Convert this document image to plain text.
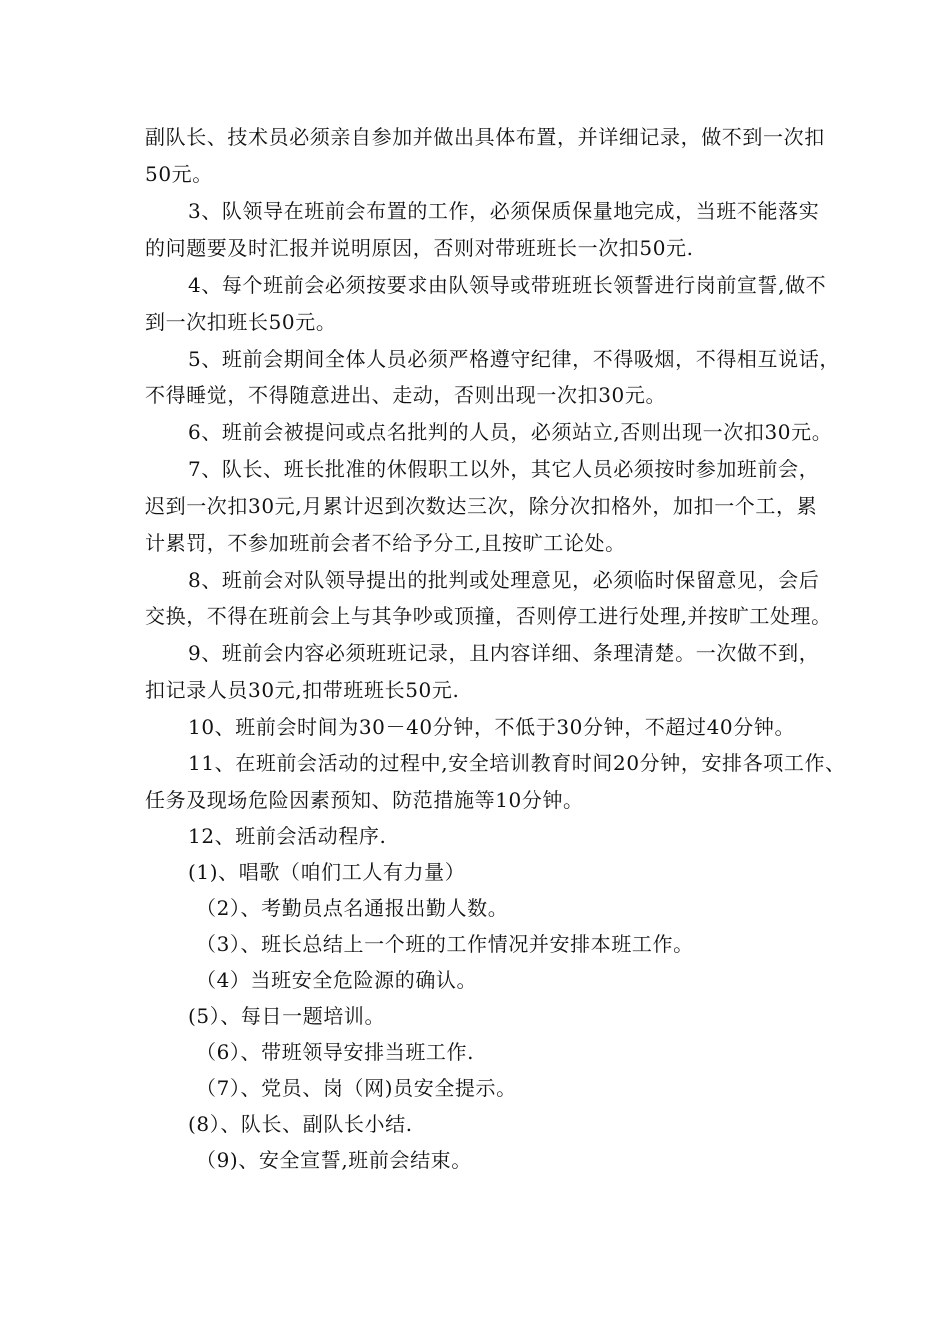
副队长、技术员必须亲自参加并做出具体布置，并详细记录，做不到一次扣
50元。
3、队领导在班前会布置的工作，必须保质保量地完成，当班不能落实
的问题要及时汇报并说明原因，否则对带班班长一次扣50元.
4、每个班前会必须按要求由队领导或带班班长领誓进行岗前宣誓,做不
到一次扣班长50元。
5、班前会期间全体人员必须严格遵守纪律，不得吸烟，不得相互说话，
不得睡觉，不得随意进出、走动，否则出现一次扣30元。
6、班前会被提问或点名批判的人员，必须站立,否则出现一次扣30元。
7、队长、班长批准的休假职工以外，其它人员必须按时参加班前会，
迟到一次扣30元,月累计迟到次数达三次，除分次扣格外，加扣一个工，累
计累罚，不参加班前会者不给予分工,且按旷工论处。
8、班前会对队领导提出的批判或处理意见，必须临时保留意见，会后
交换，不得在班前会上与其争吵或顶撞，否则停工进行处理,并按旷工处理。
9、班前会内容必须班班记录，且内容详细、条理清楚。一次做不到，
扣记录人员30元,扣带班班长50元.
10、班前会时间为30－40分钟，不低于30分钟，不超过40分钟。
11、在班前会活动的过程中,安全培训教育时间20分钟，安排各项工作、
任务及现场危险因素预知、防范措施等10分钟。
12、班前会活动程序.
(1)、唱歌（咱们工人有力量）
（2）、考勤员点名通报出勤人数。
（3）、班长总结上一个班的工作情况并安排本班工作。
（4）当班安全危险源的确认。
(5）、每日一题培训。
（6）、带班领导安排当班工作.
（7）、党员、岗（网)员安全提示。
(8）、队长、副队长小结.
（9)、安全宣誓,班前会结束。
